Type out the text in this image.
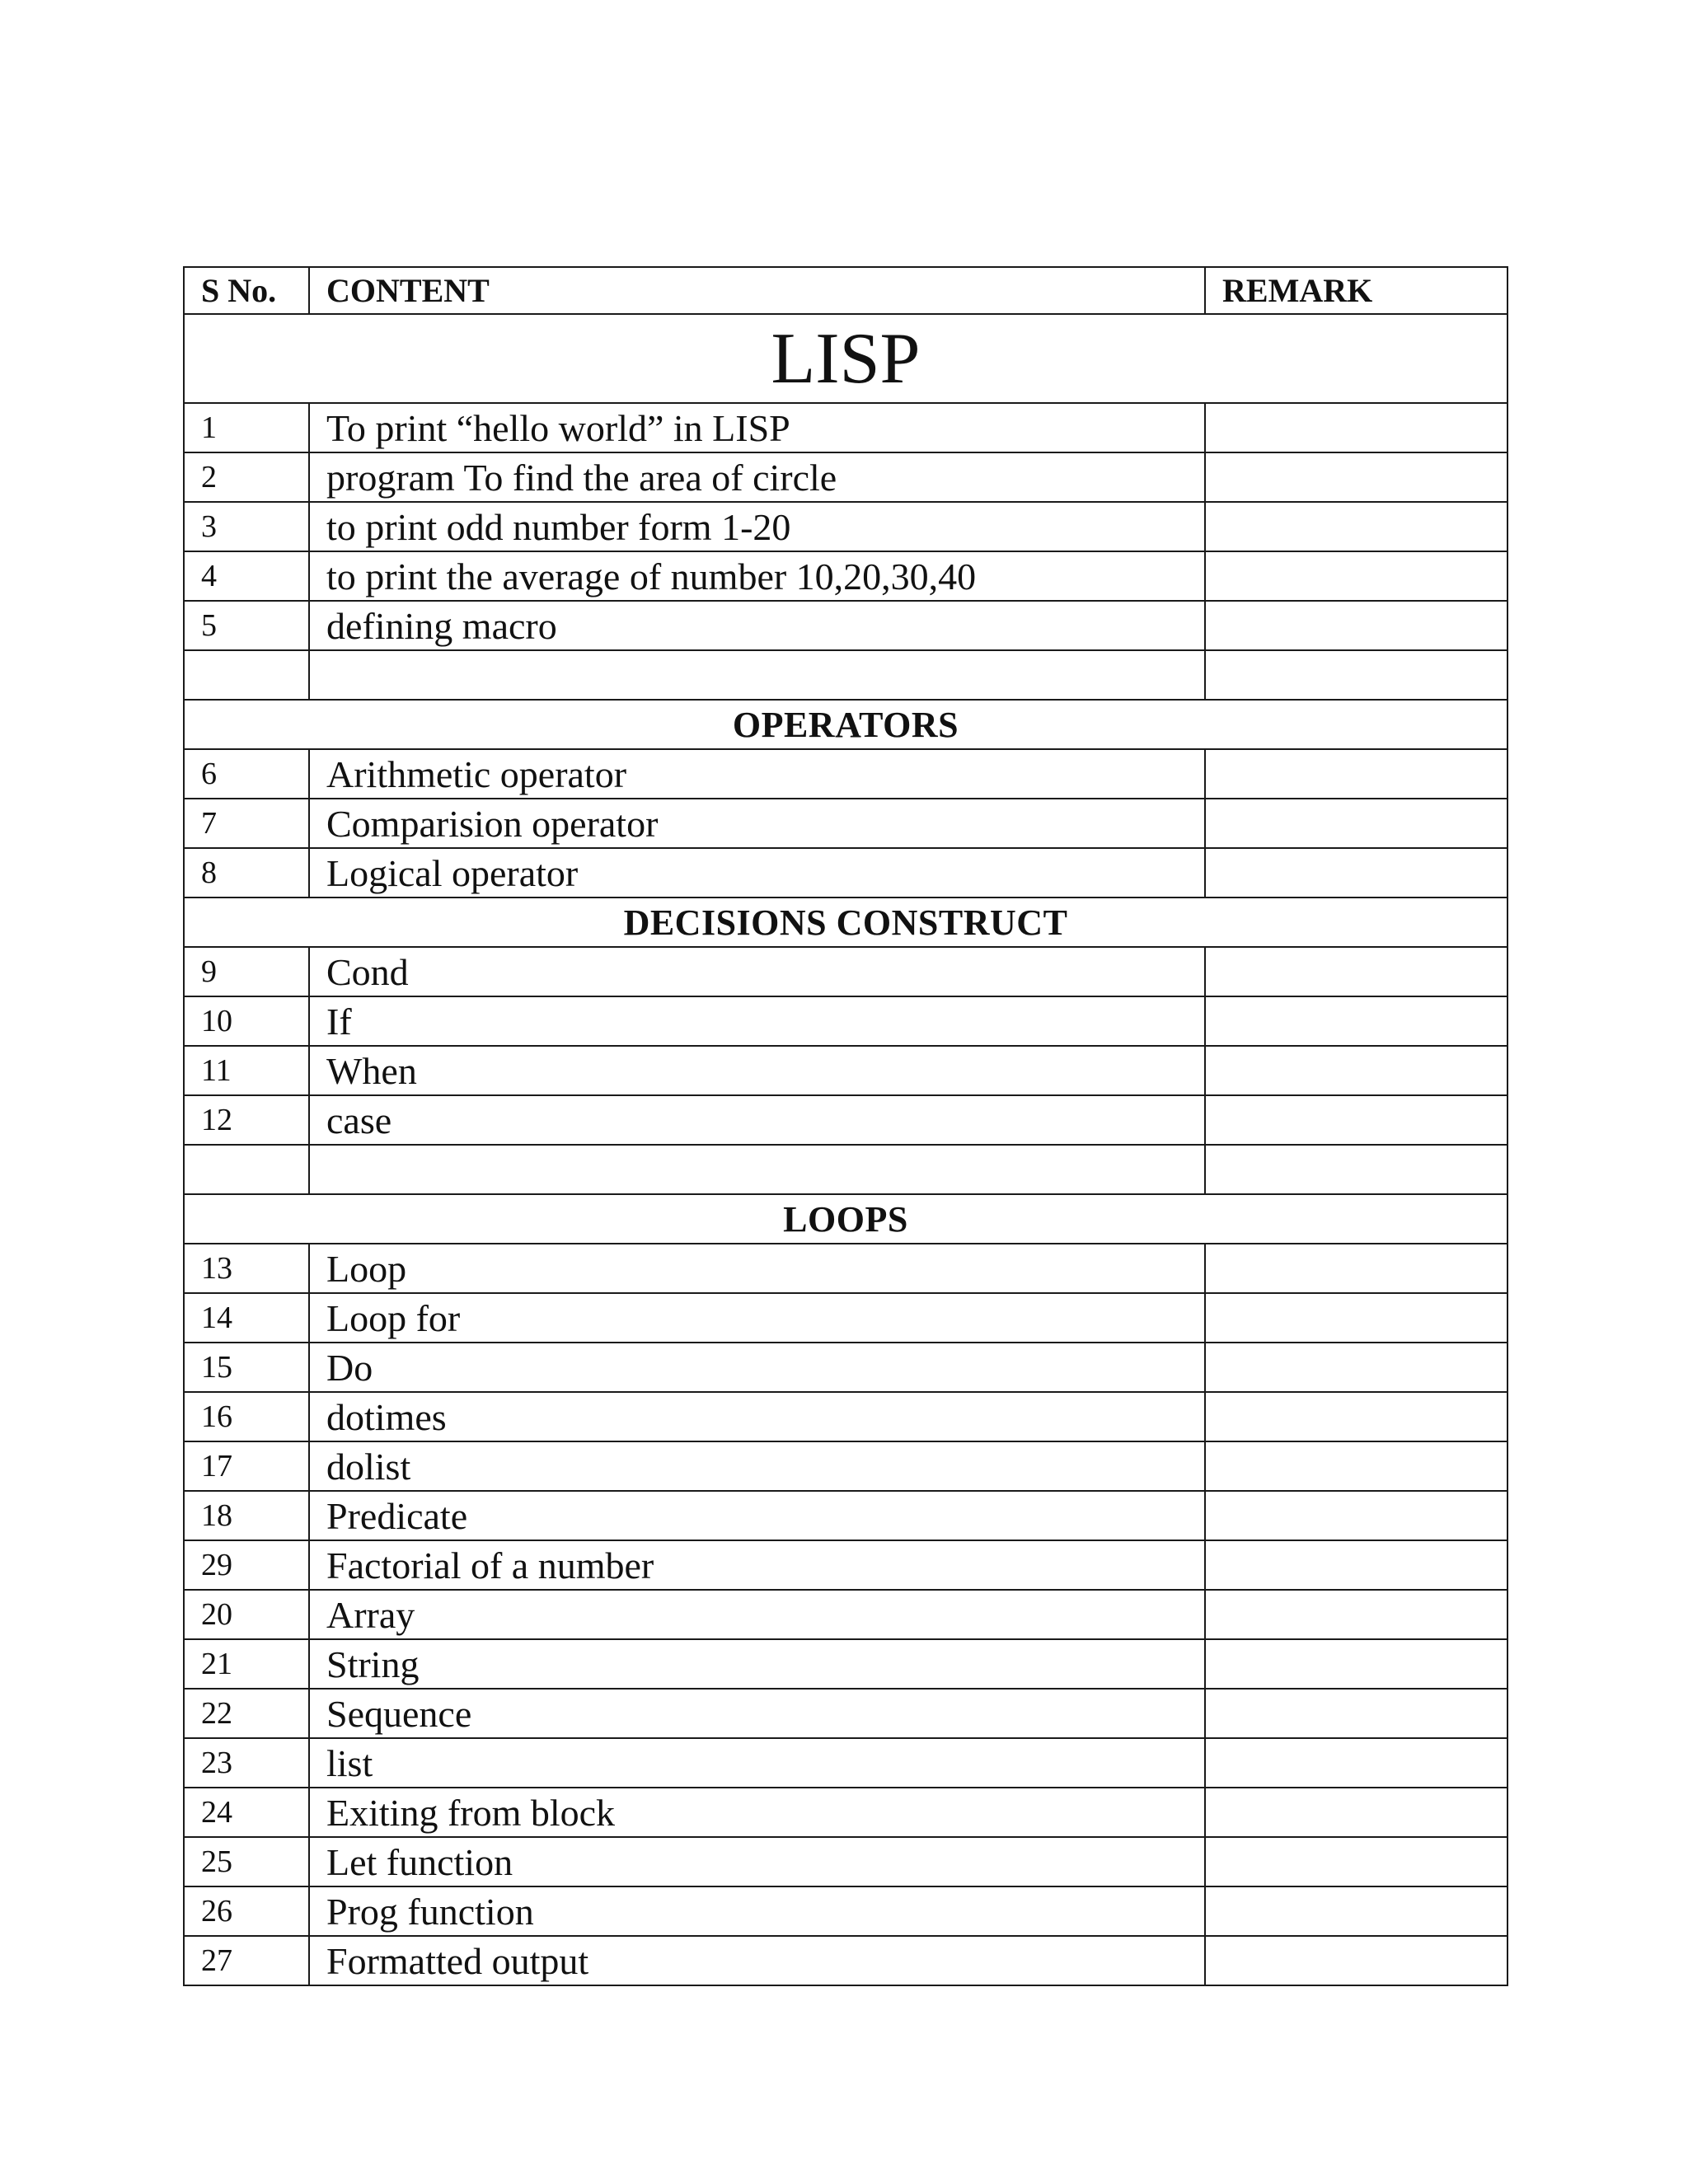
S No.	CONTENT	REMARK
LISP		
1	To print “hello world” in LISP	
2	program To find the area of circle	
3	to print odd number form 1-20	
4	to print the average of number 10,20,30,40	
5	defining macro	

OPERATORS		
6	Arithmetic operator	
7	Comparision operator	
8	Logical operator	
DECISIONS CONSTRUCT		
9	Cond	
10	If	
11	When	
12	case	

LOOPS		
13	Loop	
14	Loop for	
15	Do	
16	dotimes	
17	dolist	
18	Predicate	
29	Factorial of a number	
20	Array	
21	String	
22	Sequence	
23	list	
24	Exiting from block	
25	Let function	
26	Prog function	
27	Formatted output	
